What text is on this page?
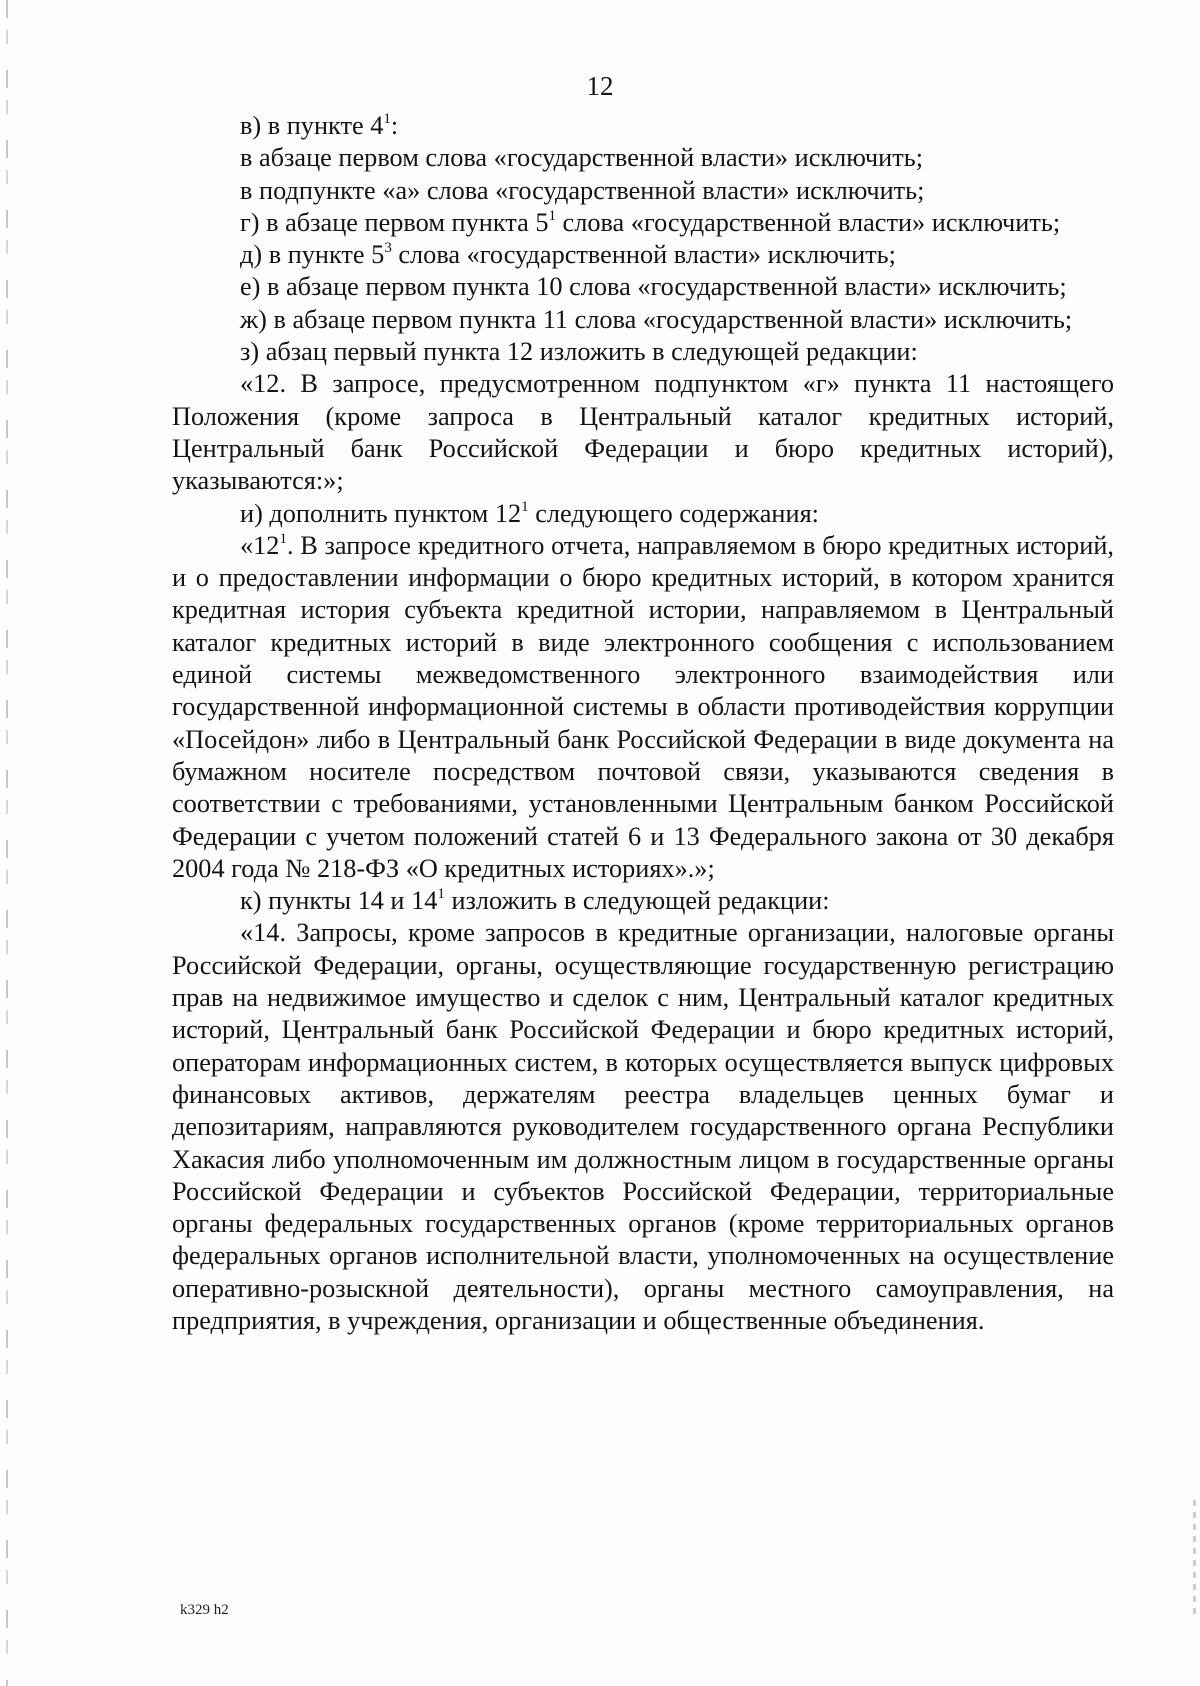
12

в) в пункте $4^1$:

в абзаце первом слова «государственной власти» исключить;

в подпункте «а» слова «государственной власти» исключить;

г) в абзаце первом пункта $5^1$ слова «государственной власти» исключить;

д) в пункте $5^3$ слова «государственной власти» исключить;

е) в абзаце первом пункта 10 слова «государственной власти» исключить;

ж) в абзаце первом пункта 11 слова «государственной власти» исключить;

з) абзац первый пункта 12 изложить в следующей редакции:

«12. В запросе, предусмотренном подпунктом «г» пункта 11 настоящего Положения (кроме запроса в Центральный каталог кредитных историй, Центральный банк Российской Федерации и бюро кредитных историй), указываются:»;

и) дополнить пунктом $12^1$ следующего содержания:

«$12^1$. В запросе кредитного отчета, направляемом в бюро кредитных историй, и о предоставлении информации о бюро кредитных историй, в котором хранится кредитная история субъекта кредитной истории, направляемом в Центральный каталог кредитных историй в виде электронного сообщения с использованием единой системы межведомственного электронного взаимодействия или государственной информационной системы в области противодействия коррупции «Посейдон» либо в Центральный банк Российской Федерации в виде документа на бумажном носителе посредством почтовой связи, указываются сведения в соответствии с требованиями, установленными Центральным банком Российской Федерации с учетом положений статей 6 и 13 Федерального закона от 30 декабря 2004 года № 218-ФЗ «О кредитных историях».»;

к) пункты 14 и $14^1$ изложить в следующей редакции:

«14. Запросы, кроме запросов в кредитные организации, налоговые органы Российской Федерации, органы, осуществляющие государственную регистрацию прав на недвижимое имущество и сделок с ним, Центральный каталог кредитных историй, Центральный банк Российской Федерации и бюро кредитных историй, операторам информационных систем, в которых осуществляется выпуск цифровых финансовых активов, держателям реестра владельцев ценных бумаг и депозитариям, направляются руководителем государственного органа Республики Хакасия либо уполномоченным им должностным лицом в государственные органы Российской Федерации и субъектов Российской Федерации, территориальные органы федеральных государственных органов (кроме территориальных органов федеральных органов исполнительной власти, уполномоченных на осуществление оперативно-розыскной деятельности), органы местного самоуправления, на предприятия, в учреждения, организации и общественные объединения.

k329 h2
